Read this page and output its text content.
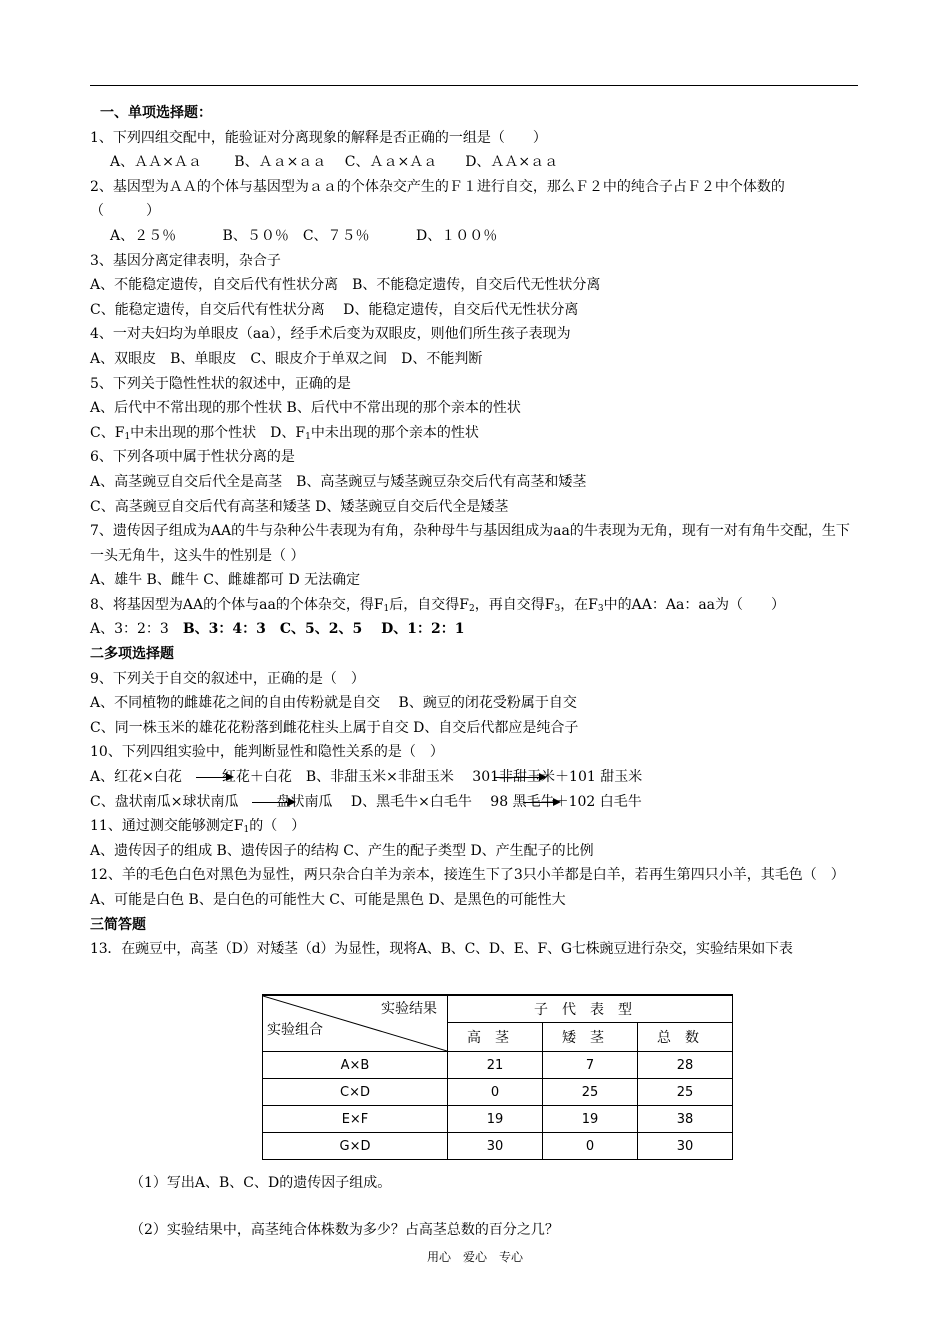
一、单项选择题：
1、下列四组交配中，能验证对分离现象的解释是否正确的一组是（　　）
A、ＡＡ×Ａａ　　 B、Ａａ×ａａ　 C、Ａａ×Ａａ　　D、ＡＡ×ａａ
2、基因型为ＡＡ的个体与基因型为ａａ的个体杂交产生的Ｆ１进行自交，那么Ｆ２中的纯合子占Ｆ２中个体数的　　　　　（　　　）
A、２５％　　　 B、５０％　C、７５％　　　 D、１００％
3、基因分离定律表明，杂合子
A、不能稳定遗传，自交后代有性状分离　B、不能稳定遗传，自交后代无性状分离
C、能稳定遗传，自交后代有性状分离　 D、能稳定遗传，自交后代无性状分离
4、一对夫妇均为单眼皮（aa），经手术后变为双眼皮，则他们所生孩子表现为
A、双眼皮　B、单眼皮　C、眼皮介于单双之间　D、不能判断
5、下列关于隐性性状的叙述中，正确的是
A、后代中不常出现的那个性状 B、后代中不常出现的那个亲本的性状
C、$F_1$中未出现的那个性状　D、$F_1$中未出现的那个亲本的性状
6、下列各项中属于性状分离的是
A、高茎豌豆自交后代全是高茎　B、高茎豌豆与矮茎豌豆杂交后代有高茎和矮茎
C、高茎豌豆自交后代有高茎和矮茎 D、矮茎豌豆自交后代全是矮茎
7、遗传因子组成为AA的牛与杂种公牛表现为有角，杂种母牛与基因组成为aa的牛表现为无角，现有一对有角牛交配，生下一头无角牛，这头牛的性别是（ ）
A、雄牛 B、雌牛 C、雌雄都可 D 无法确定
8、将基因型为AA的个体与aa的个体杂交，得$F_1$后，自交得$F_2$，再自交得$F_3$，在$F_3$中的AA：Aa：aa为（　　）
A、3：2：3　B、3：4：3　C、5、2、5　 D、1：2：1
二多项选择题
9、下列关于自交的叙述中，正确的是（　）
A、不同植物的雌雄花之间的自由传粉就是自交　 B、豌豆的闭花受粉属于自交
C、同一株玉米的雄花花粉落到雌花柱头上属于自交 D、自交后代都应是纯合子
10、下列四组实验中，能判断显性和隐性关系的是（　）
A、红花×白花　红花＋白花　B、非甜玉米×非甜玉米　 301非甜玉
米＋101 甜玉米
C、盘状南瓜×球状南瓜　盘状南瓜　 D、黑毛牛×白毛牛　 98 黑毛牛
＋102 白毛牛
11、通过测交能够测定$F_1$的（　）
A、遗传因子的组成 B、遗传因子的结构 C、产生的配子类型 D、产生配子的比例
12、羊的毛色白色对黑色为显性，两只杂合白羊为亲本，接连生下了3只小羊都是白羊，若再生第四只小羊，其毛色（　）
A、可能是白色 B、是白色的可能性大 C、可能是黑色 D、是黑色的可能性大
三简答题
13．在豌豆中，高茎（D）对矮茎（d）为显性，现将A、B、C、D、E、F、G七株豌豆进行杂交，实验结果如下表
实验结果
实验组合	子代表型		
	高茎	矮茎	总数
A×B	21	7	28
C×D	0	25	25
E×F	19	19	38
G×D	30	0	30
（1）写出A、B、C、D的遗传因子组成。
（2）实验结果中，高茎纯合体株数为多少？占高茎总数的百分之几？
用心　爱心　专心
